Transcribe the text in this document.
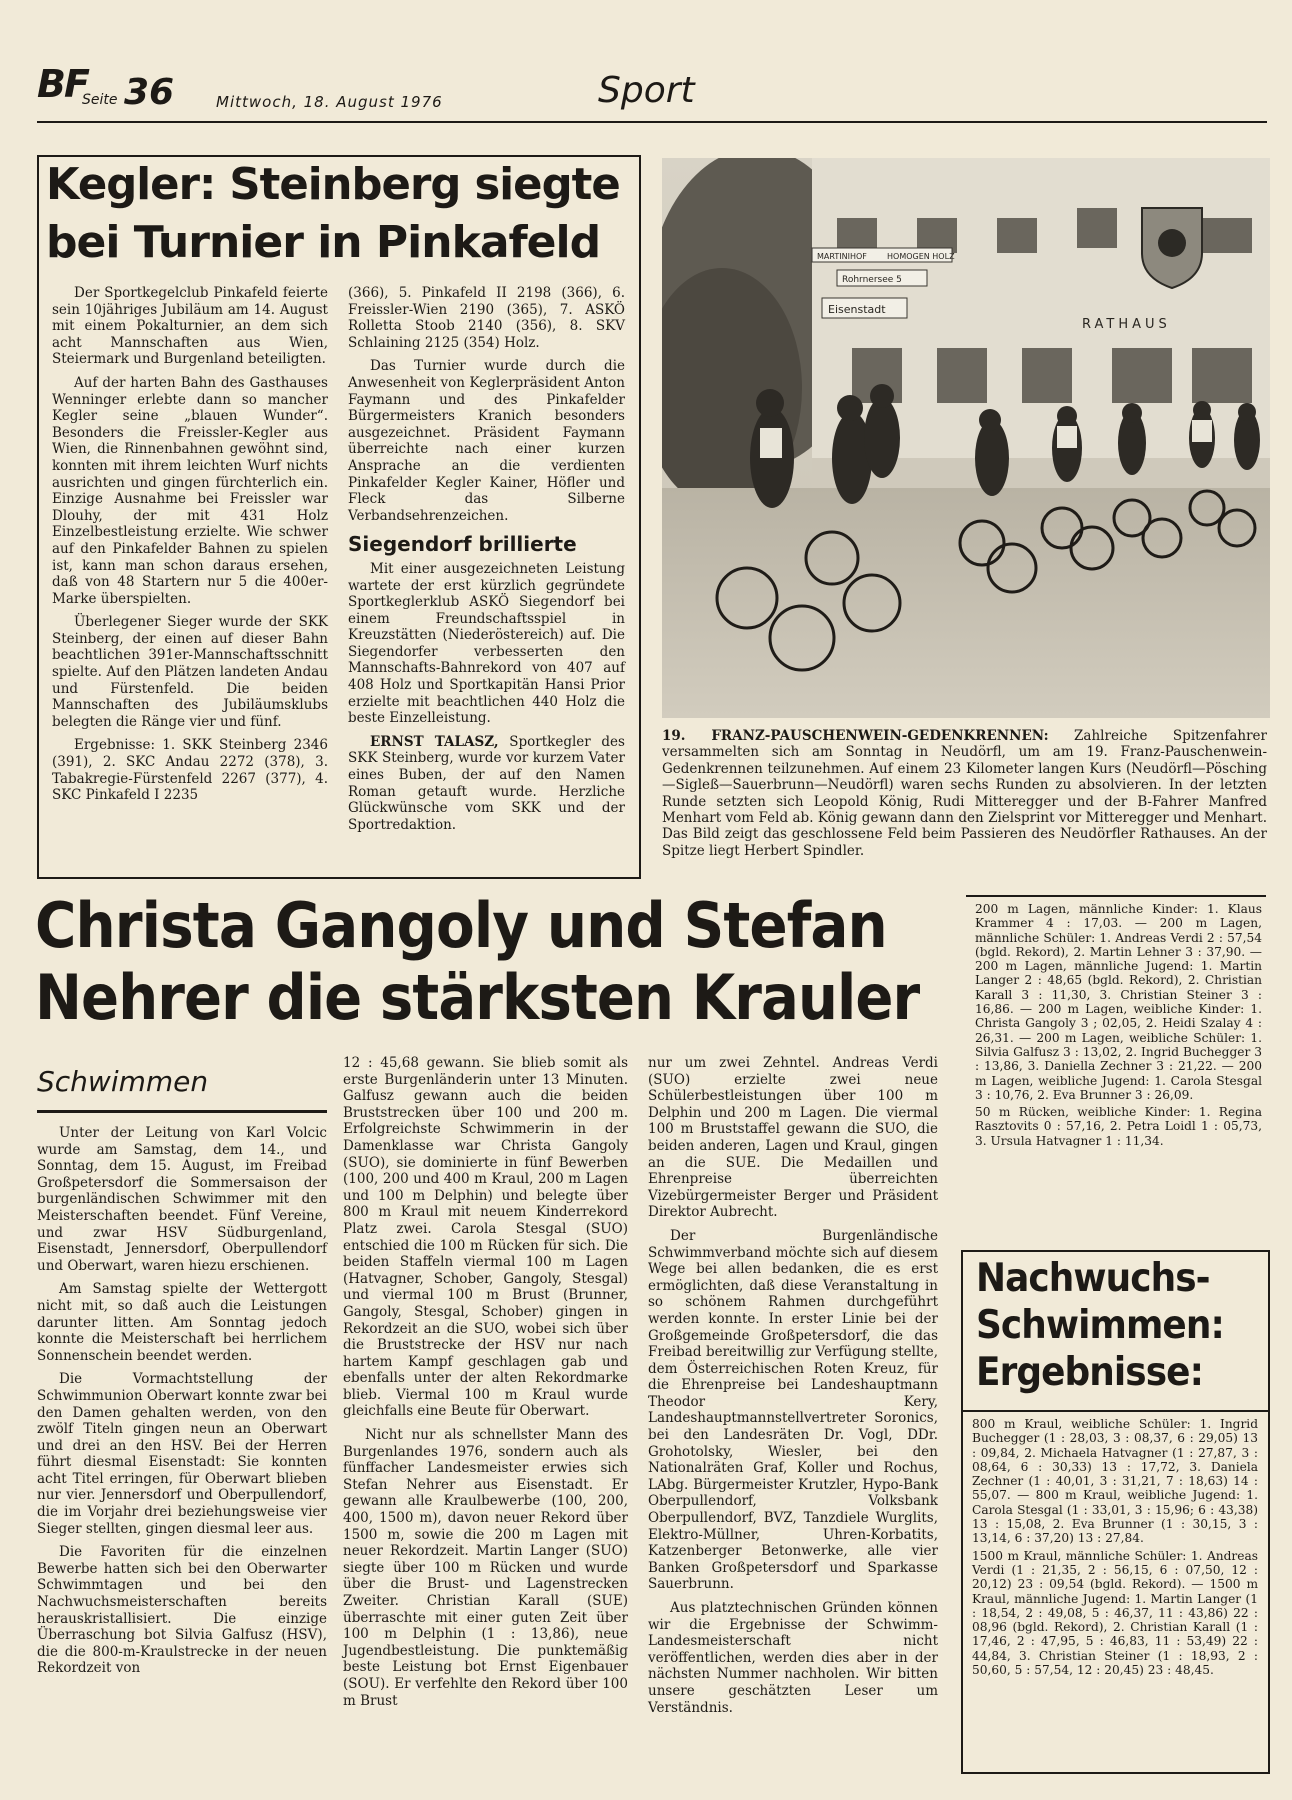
BF
Seite 36	Mittwoch, 18. August 1976	Sport
Kegler: Steinberg siegte
bei Turnier in Pinkafeld

Der Sportkegelclub Pinkafeld feierte sein 10jähriges Jubiläum am 14. August mit einem Pokalturnier, an dem sich acht Mannschaften aus Wien, Steiermark und Burgenland beteiligten.

Auf der harten Bahn des Gasthauses Wenninger erlebte dann so mancher Kegler seine „blauen Wunder“. Besonders die Freissler-Kegler aus Wien, die Rinnenbahnen gewöhnt sind, konnten mit ihrem leichten Wurf nichts ausrichten und gingen fürchterlich ein. Einzige Ausnahme bei Freissler war Dlouhy, der mit 431 Holz Einzelbestleistung erzielte. Wie schwer auf den Pinkafelder Bahnen zu spielen ist, kann man schon daraus ersehen, daß von 48 Startern nur 5 die 400er-Marke überspielten.

Überlegener Sieger wurde der SKK Steinberg, der einen auf dieser Bahn beachtlichen 391er-Mannschaftsschnitt spielte. Auf den Plätzen landeten Andau und Fürstenfeld. Die beiden Mannschaften des Jubiläumsklubs belegten die Ränge vier und fünf.

Ergebnisse: 1. SKK Steinberg 2346 (391), 2. SKC Andau 2272 (378), 3. Tabakregie-Fürstenfeld 2267 (377), 4. SKC Pinkafeld I 2235

(366), 5. Pinkafeld II 2198 (366), 6. Freissler-Wien 2190 (365), 7. ASKÖ Rolletta Stoob 2140 (356), 8. SKV Schlaining 2125 (354) Holz.

Das Turnier wurde durch die Anwesenheit von Keglerpräsident Anton Faymann und des Pinkafelder Bürgermeisters Kranich besonders ausgezeichnet. Präsident Faymann überreichte nach einer kurzen Ansprache an die verdienten Pinkafelder Kegler Kainer, Höfler und Fleck das Silberne Verbandsehrenzeichen.

Siegendorf brillierte

Mit einer ausgezeichneten Leistung wartete der erst kürzlich gegründete Sportkeglerklub ASKÖ Siegendorf bei einem Freundschaftsspiel in Kreuzstätten (Niederöstereich) auf. Die Siegendorfer verbesserten den Mannschafts-Bahnrekord von 407 auf 408 Holz und Sportkapitän Hansi Prior erzielte mit beachtlichen 440 Holz die beste Einzelleistung.

ERNST TALASZ, Sportkegler des SKK Steinberg, wurde vor kurzem Vater eines Buben, der auf den Namen Roman getauft wurde. Herzliche Glückwünsche vom SKK und der Sportredaktion.

MARTINIHOF	HOMOGEN HOLZ
Rohrnersee 5
Eisenstadt
RATHAUS
19. FRANZ-PAUSCHENWEIN-GEDENKRENNEN: Zahlreiche Spitzenfahrer versammelten sich am Sonntag in Neudörfl, um am 19. Franz-Pauschenwein-Gedenkrennen teilzunehmen. Auf einem 23 Kilometer langen Kurs (Neudörfl—Pösching—Sigleß—Sauerbrunn—Neudörfl) waren sechs Runden zu absolvieren. In der letzten Runde setzten sich Leopold König, Rudi Mitteregger und der B-Fahrer Manfred Menhart vom Feld ab. König gewann dann den Zielsprint vor Mitteregger und Menhart. Das Bild zeigt das geschlossene Feld beim Passieren des Neudörfler Rathauses. An der Spitze liegt Herbert Spindler.
Christa Gangoly und Stefan
Nehrer die stärksten Krauler
Schwimmen

Unter der Leitung von Karl Volcic wurde am Samstag, dem 14., und Sonntag, dem 15. August, im Freibad Großpetersdorf die Sommersaison der burgenländischen Schwimmer mit den Meisterschaften beendet. Fünf Vereine, und zwar HSV Südburgenland, Eisenstadt, Jennersdorf, Oberpullendorf und Oberwart, waren hiezu erschienen.

Am Samstag spielte der Wettergott nicht mit, so daß auch die Leistungen darunter litten. Am Sonntag jedoch konnte die Meisterschaft bei herrlichem Sonnenschein beendet werden.

Die Vormachtstellung der Schwimmunion Oberwart konnte zwar bei den Damen gehalten werden, von den zwölf Titeln gingen neun an Oberwart und drei an den HSV. Bei der Herren führt diesmal Eisenstadt: Sie konnten acht Titel erringen, für Oberwart blieben nur vier. Jennersdorf und Oberpullendorf, die im Vorjahr drei beziehungsweise vier Sieger stellten, gingen diesmal leer aus.

Die Favoriten für die einzelnen Bewerbe hatten sich bei den Oberwarter Schwimmtagen und bei den Nachwuchsmeisterschaften bereits herauskristallisiert. Die einzige Überraschung bot Silvia Galfusz (HSV), die die 800-m-Kraulstrecke in der neuen Rekordzeit von

12 : 45,68 gewann. Sie blieb somit als erste Burgenländerin unter 13 Minuten. Galfusz gewann auch die beiden Bruststrecken über 100 und 200 m. Erfolgreichste Schwimmerin in der Damenklasse war Christa Gangoly (SUO), sie dominierte in fünf Bewerben (100, 200 und 400 m Kraul, 200 m Lagen und 100 m Delphin) und belegte über 800 m Kraul mit neuem Kinderrekord Platz zwei. Carola Stesgal (SUO) entschied die 100 m Rücken für sich. Die beiden Staffeln viermal 100 m Lagen (Hatvagner, Schober, Gangoly, Stesgal) und viermal 100 m Brust (Brunner, Gangoly, Stesgal, Schober) gingen in Rekordzeit an die SUO, wobei sich über die Bruststrecke der HSV nur nach hartem Kampf geschlagen gab und ebenfalls unter der alten Rekordmarke blieb. Viermal 100 m Kraul wurde gleichfalls eine Beute für Oberwart.

Nicht nur als schnellster Mann des Burgenlandes 1976, sondern auch als fünffacher Landesmeister erwies sich Stefan Nehrer aus Eisenstadt. Er gewann alle Kraulbewerbe (100, 200, 400, 1500 m), davon neuer Rekord über 1500 m, sowie die 200 m Lagen mit neuer Rekordzeit. Martin Langer (SUO) siegte über 100 m Rücken und wurde über die Brust- und Lagenstrecken Zweiter. Christian Karall (SUE) überraschte mit einer guten Zeit über 100 m Delphin (1 : 13,86), neue Jugendbestleistung. Die punktemäßig beste Leistung bot Ernst Eigenbauer (SOU). Er verfehlte den Rekord über 100 m Brust

nur um zwei Zehntel. Andreas Verdi (SUO) erzielte zwei neue Schülerbestleistungen über 100 m Delphin und 200 m Lagen. Die viermal 100 m Bruststaffel gewann die SUO, die beiden anderen, Lagen und Kraul, gingen an die SUE. Die Medaillen und Ehrenpreise überreichten Vizebürgermeister Berger und Präsident Direktor Aubrecht.

Der Burgenländische Schwimmverband möchte sich auf diesem Wege bei allen bedanken, die es erst ermöglichten, daß diese Veranstaltung in so schönem Rahmen durchgeführt werden konnte. In erster Linie bei der Großgemeinde Großpetersdorf, die das Freibad bereitwillig zur Verfügung stellte, dem Österreichischen Roten Kreuz, für die Ehrenpreise bei Landeshauptmann Theodor Kery, Landeshauptmannstellvertreter Soronics, bei den Landesräten Dr. Vogl, DDr. Grohotolsky, Wiesler, bei den Nationalräten Graf, Koller und Rochus, LAbg. Bürgermeister Krutzler, Hypo-Bank Oberpullendorf, Volksbank Oberpullendorf, BVZ, Tanzdiele Wurglits, Elektro-Müllner, Uhren-Korbatits, Katzenberger Betonwerke, alle vier Banken Großpetersdorf und Sparkasse Sauerbrunn.

Aus platztechnischen Gründen können wir die Ergebnisse der Schwimm-Landesmeisterschaft nicht veröffentlichen, werden dies aber in der nächsten Nummer nachholen. Wir bitten unsere geschätzten Leser um Verständnis.

200 m Lagen, männliche Kinder: 1. Klaus Krammer 4 : 17,03. — 200 m Lagen, männliche Schüler: 1. Andreas Verdi 2 : 57,54 (bgld. Rekord), 2. Martin Lehner 3 : 37,90. — 200 m Lagen, männliche Jugend: 1. Martin Langer 2 : 48,65 (bgld. Rekord), 2. Christian Karall 3 : 11,30, 3. Christian Steiner 3 : 16,86. — 200 m Lagen, weibliche Kinder: 1. Christa Gangoly 3 ; 02,05, 2. Heidi Szalay 4 : 26,31. — 200 m Lagen, weibliche Schüler: 1. Silvia Galfusz 3 : 13,02, 2. Ingrid Buchegger 3 : 13,86, 3. Daniella Zechner 3 : 21,22. — 200 m Lagen, weibliche Jugend: 1. Carola Stesgal 3 : 10,76, 2. Eva Brunner 3 : 26,09.

50 m Rücken, weibliche Kinder: 1. Regina Rasztovits 0 : 57,16, 2. Petra Loidl 1 : 05,73, 3. Ursula Hatvagner 1 : 11,34.

Nachwuchs-
Schwimmen:
Ergebnisse:

800 m Kraul, weibliche Schüler: 1. Ingrid Buchegger (1 : 28,03, 3 : 08,37, 6 : 29,05) 13 : 09,84, 2. Michaela Hatvagner (1 : 27,87, 3 : 08,64, 6 : 30,33) 13 : 17,72, 3. Daniela Zechner (1 : 40,01, 3 : 31,21, 7 : 18,63) 14 : 55,07. — 800 m Kraul, weibliche Jugend: 1. Carola Stesgal (1 : 33,01, 3 : 15,96; 6 : 43,38) 13 : 15,08, 2. Eva Brunner (1 : 30,15, 3 : 13,14, 6 : 37,20) 13 : 27,84.

1500 m Kraul, männliche Schüler: 1. Andreas Verdi (1 : 21,35, 2 : 56,15, 6 : 07,50, 12 : 20,12) 23 : 09,54 (bgld. Rekord). — 1500 m Kraul, männliche Jugend: 1. Martin Langer (1 : 18,54, 2 : 49,08, 5 : 46,37, 11 : 43,86) 22 : 08,96 (bgld. Rekord), 2. Christian Karall (1 : 17,46, 2 : 47,95, 5 : 46,83, 11 : 53,49) 22 : 44,84, 3. Christian Steiner (1 : 18,93, 2 : 50,60, 5 : 57,54, 12 : 20,45) 23 : 48,45.
